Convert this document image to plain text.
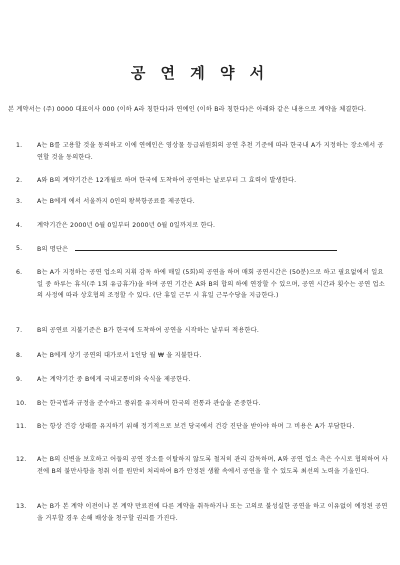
공 연 계 약 서
본 계약서는 (주) 0000 대표이사 000 (이하 A라 칭한다)과 연예인 (이하 B라 칭한다)은 아래와 같은 내용으로 계약을 체결한다.
1.	A는 B를 고용할 것을 동의하고 이에 연예인은 영상물 등급위원회의 공연 추천 기준에 따라 한국내 A가 지정하는 장소에서 공연할 것을 동의한다.
2.	A와 B의 계약기간은 12개월로 하며 한국에 도착하여 공연하는 날로부터 그 효력이 발생한다.
3.	A는 B에게 에서 서울까지 0인의 왕복항공료를 제공한다.
4.	계약기간은 2000년 0월 0일부터 2000년 0월 0일까지로 한다.
5.	B의 명단은
6.	B는 A가 지정하는 공연 업소의 지휘 감독 하에 매일 (5회)의 공연을 하며 매회 공연시간은 (50분)으로 하고 필요없에서 일요일 중 하루는 휴식(주 1회 유급휴가)을 하며 공연 기간은 A와 B의 합의 하에 연장할 수 있으며, 공연 시간과 횟수는 공연 업소의 사정에 따라 상호협의 조정할 수 있다. (단 휴일 근무 시 휴일 근무수당을 지급한다.)
7.	B의 공연료 지불기준은 B가 한국에 도착하여 공연을 시작하는 날부터 적용한다.
8.	A는 B에게 상기 공연의 대가로서 1인당 월 ₩ 을 지불한다.
9.	A는 계약기간 중 B에게 국내교통비와 숙식을 제공한다.
10.	B는 한국법과 규정을 준수하고 품위를 유지하며 한국의 전통과 관습을 존중한다.
11.	B는 항상 건강 상태를 유지하기 위해 정기적으로 보건 당국에서 건강 진단을 받아야 하며 그 비용은 A가 부담한다.
12.	A는 B의 신변을 보호하고 어둡의 공연 장소를 이탈하지 않도록 철저히 관리 감독하며, A와 공연 업소 측은 수시로 협의하여 사전에 B의 불만사항을 청취 이를 원만히 처리하여 B가 안정된 생활 속에서 공연을 할 수 있도록 최선의 노력을 기울인다.
13.	A는 B가 본 계약 이전이나 본 계약 만료전에 다른 계약을 취득하거나 또는 고의로 불성실한 공연을 하고 이유없이 예정된 공연을 거부할 경우 손해 배상을 청구할 권리를 가진다.
